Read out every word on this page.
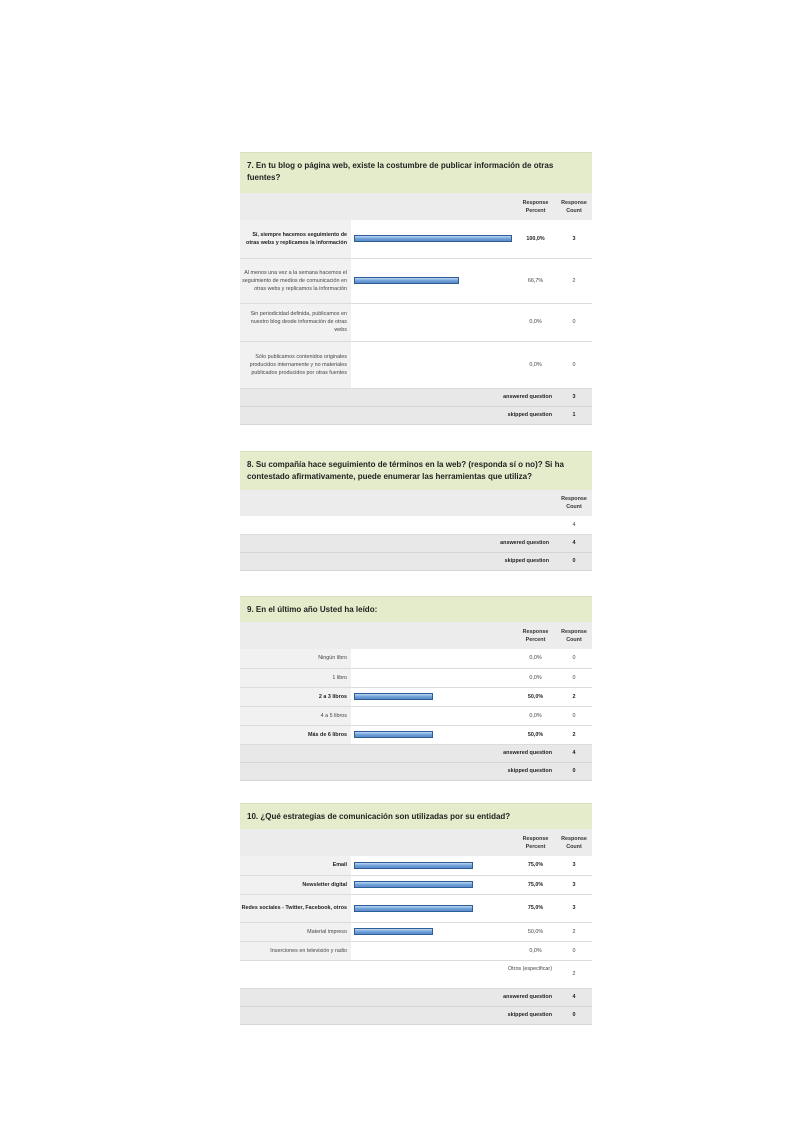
7. En tu blog o página web, existe la costumbre de publicar información de otras fuentes?
		Response Percent	Response Count
Sí, siempre hacemos seguimiento de otras webs y replicamos la información		100,0%	3
Al menos una vez a la semana hacemos el seguimiento de medios de comunicación en otras webs y replicamos la información		66,7%	2
Sin periodicidad definida, publicamos en nuestro blog desde información de otras webs		0,0%	0
Sólo publicamos contenidos originales producidos internamente y no materiales publicados producidos por otras fuentes		0,0%	0
answered question			3
skipped question			1
8. Su compañía hace seguimiento de términos en la web? (responda sí o no)? Si ha contestado afirmativamente, puede enumerar las herramientas que utiliza?
	Response Count
	4
answered question	4
skipped question	0
9. En el último año Usted ha leído:
		Response Percent	Response Count
Ningún libro		0,0%	0
1 libro		0,0%	0
2 a 3 libros		50,0%	2
4 a 5 libros		0,0%	0
Más de 6 libros		50,0%	2
answered question			4
skipped question			0
10. ¿Qué estrategias de comunicación son utilizadas por su entidad?
		Response Percent	Response Count
Email		75,0%	3
Newsletter digital		75,0%	3
Redes sociales - Twitter, Facebook, otros		75,0%	3
Material impreso		50,0%	2
Inserciones en televisión y radio		0,0%	0
Otros (especificar)			2
answered question			4
skipped question			0
